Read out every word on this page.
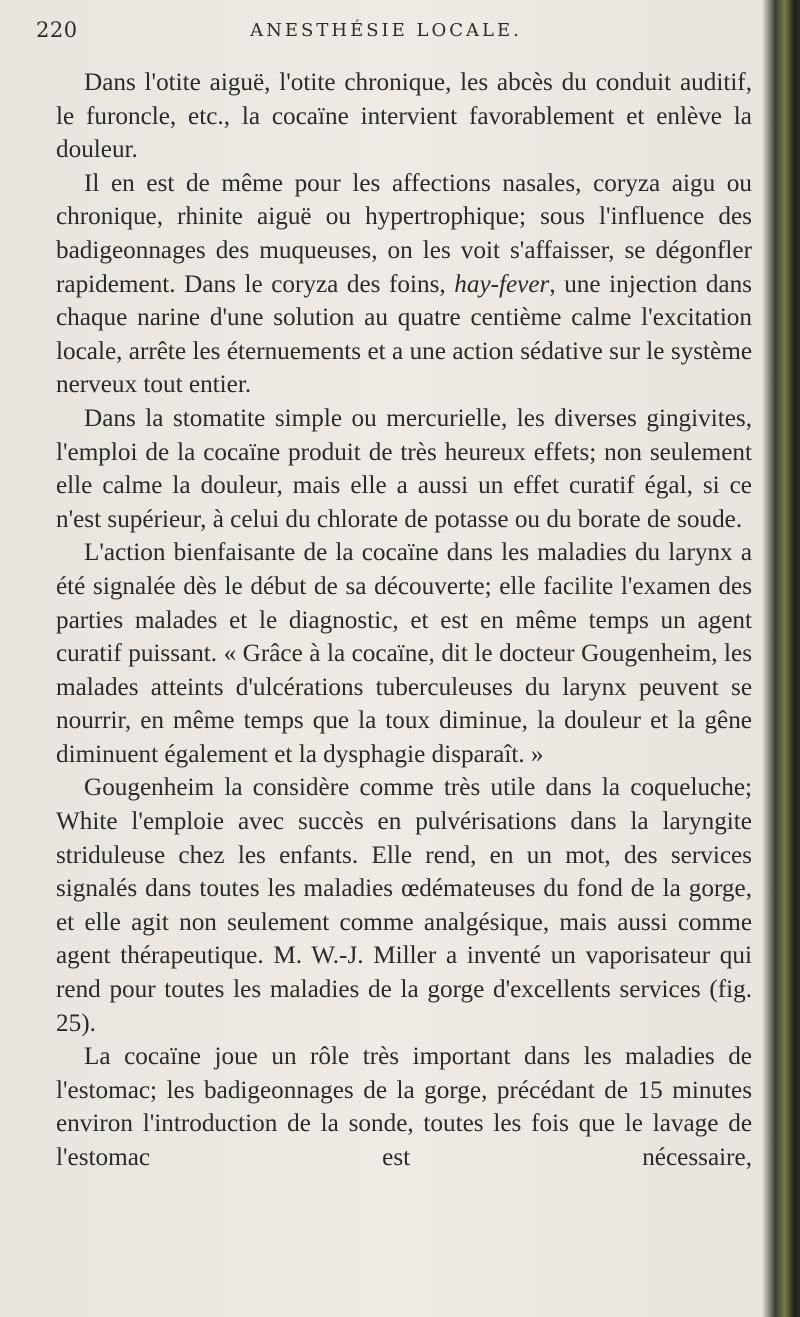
220	ANESTHÉSIE LOCALE.

Dans l'otite aiguë, l'otite chronique, les abcès du conduit auditif, le furoncle, etc., la cocaïne intervient favorablement et enlève la douleur.

Il en est de même pour les affections nasales, coryza aigu ou chronique, rhinite aiguë ou hypertrophique; sous l'influence des badigeonnages des muqueuses, on les voit s'affaisser, se dégonfler rapidement. Dans le coryza des foins, hay-fever, une injection dans chaque narine d'une solution au quatre centième calme l'excitation locale, arrête les éternuements et a une action sédative sur le système nerveux tout entier.

Dans la stomatite simple ou mercurielle, les diverses gingivites, l'emploi de la cocaïne produit de très heureux effets; non seulement elle calme la douleur, mais elle a aussi un effet curatif égal, si ce n'est supérieur, à celui du chlorate de potasse ou du borate de soude.

L'action bienfaisante de la cocaïne dans les maladies du larynx a été signalée dès le début de sa découverte; elle facilite l'examen des parties malades et le diagnostic, et est en même temps un agent curatif puissant. « Grâce à la cocaïne, dit le docteur Gougenheim, les malades atteints d'ulcérations tuberculeuses du larynx peuvent se nourrir, en même temps que la toux diminue, la douleur et la gêne diminuent également et la dysphagie disparaît. »

Gougenheim la considère comme très utile dans la coqueluche; White l'emploie avec succès en pulvérisations dans la laryngite striduleuse chez les enfants. Elle rend, en un mot, des services signalés dans toutes les maladies œdémateuses du fond de la gorge, et elle agit non seulement comme analgésique, mais aussi comme agent thérapeutique. M. W.-J. Miller a inventé un vaporisateur qui rend pour toutes les maladies de la gorge d'excellents services (fig. 25).

La cocaïne joue un rôle très important dans les maladies de l'estomac; les badigeonnages de la gorge, précédant de 15 minutes environ l'introduction de la sonde, toutes les fois que le lavage de l'estomac est nécessaire,
